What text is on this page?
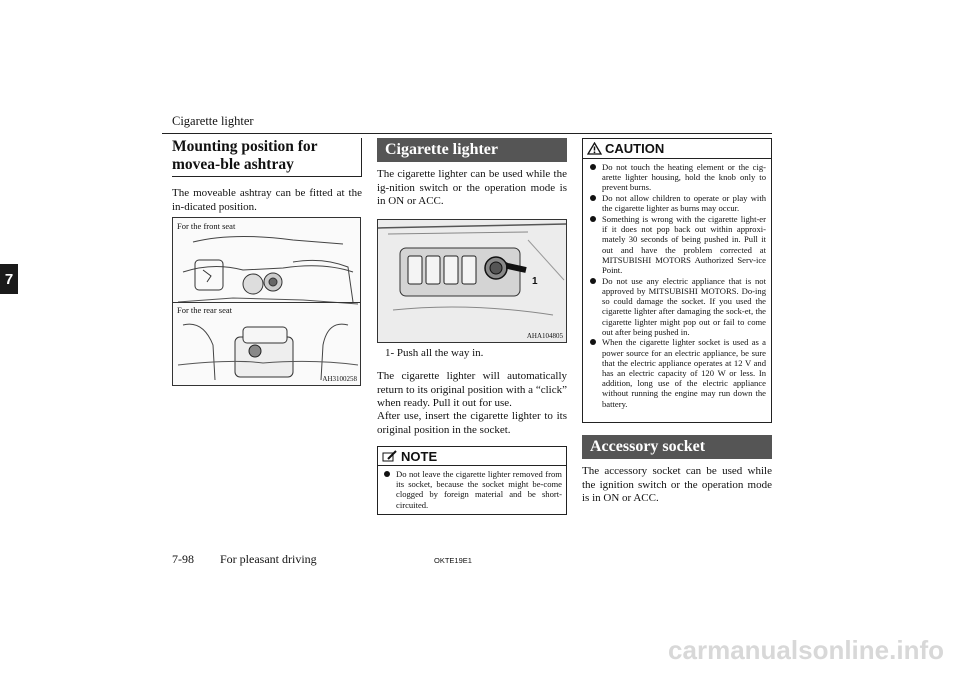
Cigarette lighter
7
Mounting position for movea-ble ashtray
The moveable ashtray can be fitted at the in-dicated position.
For the front seat
For the rear seat
AH3100258
Cigarette lighter
The cigarette lighter can be used while the ig-nition switch or the operation mode is in ON or ACC.
1
AHA104805
1- Push all the way in.
The cigarette lighter will automatically return to its original position with a “click” when ready. Pull it out for use.
After use, insert the cigarette lighter to its original position in the socket.
NOTE
Do not leave the cigarette lighter removed from its socket, because the socket might be-come clogged by foreign material and be short-circuited.
CAUTION
Do not touch the heating element or the cig-arette lighter housing, hold the knob only to prevent burns.
Do not allow children to operate or play with the cigarette lighter as burns may occur.
Something is wrong with the cigarette light-er if it does not pop back out within approxi-mately 30 seconds of being pushed in. Pull it out and have the problem corrected at MITSUBISHI MOTORS Authorized Serv-ice Point.
Do not use any electric appliance that is not approved by MITSUBISHI MOTORS. Do-ing so could damage the socket. If you used the cigarette lighter after damaging the sock-et, the cigarette lighter might pop out or fail to come out after being pushed in.
When the cigarette lighter socket is used as a power source for an electric appliance, be sure that the electric appliance operates at 12 V and has an electric capacity of 120 W or less. In addition, long use of the electric appliance without running the engine may run down the battery.
Accessory socket
The accessory socket can be used while the ignition switch or the operation mode is in ON or ACC.
7-98 For pleasant driving	OKTE19E1
carmanualsonline.info
